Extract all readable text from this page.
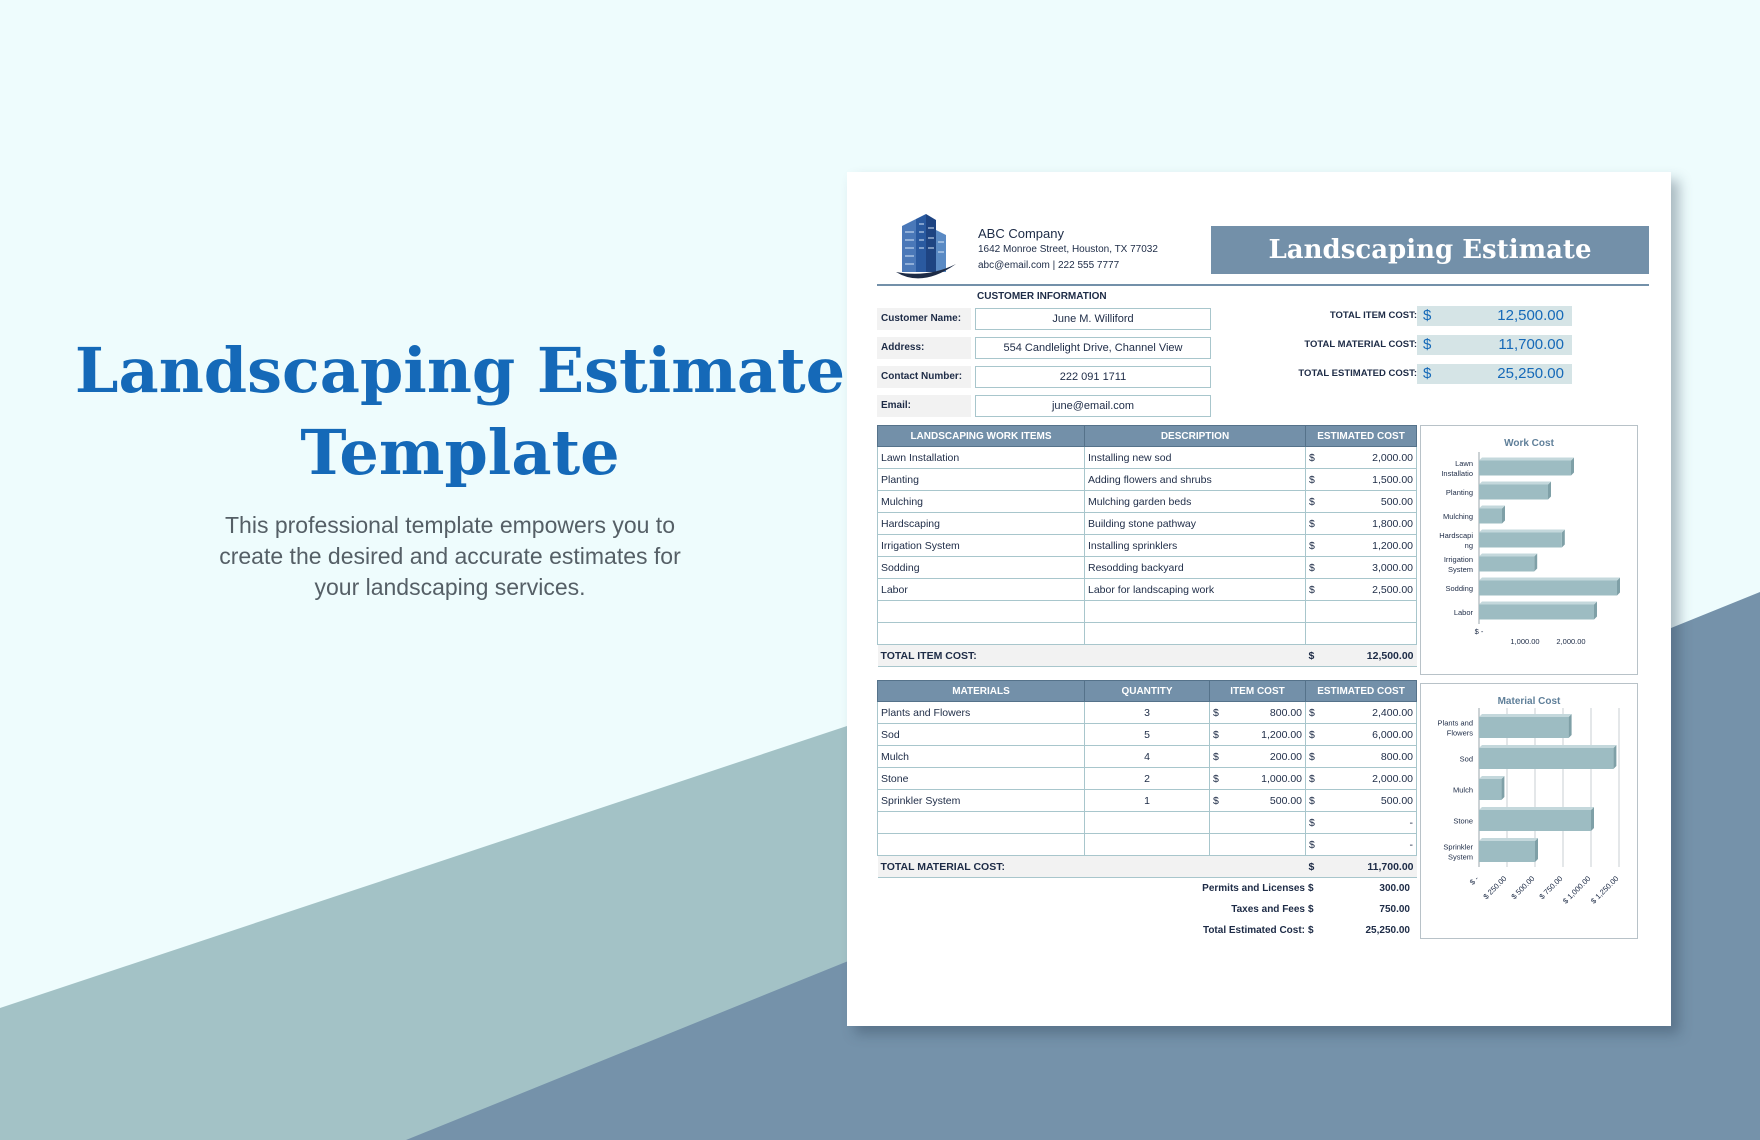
Landscaping Estimate
Template

This professional template empowers you to
create the desired and accurate estimates for
your landscaping services.

ABC Company
1642 Monroe Street, Houston, TX 77032
abc@email.com | 222 555 7777
Landscaping Estimate
CUSTOMER INFORMATION
Customer Name:	June M. Williford
Address:	554 Candlelight Drive, Channel View
Contact Number:	222 091 1711
Email:	june@email.com
TOTAL ITEM COST: $	12,500.00
TOTAL MATERIAL COST: $	11,700.00
TOTAL ESTIMATED COST: $	25,250.00
LANDSCAPING WORK ITEMS	DESCRIPTION	ESTIMATED COST	
Lawn Installation	Installing new sod	$	2,000.00
Planting	Adding flowers and shrubs	$	1,500.00
Mulching	Mulching garden beds	$	500.00
Hardscaping	Building stone pathway	$	1,800.00
Irrigation System	Installing sprinklers	$	1,200.00
Sodding	Resodding backyard	$	3,000.00
Labor	Labor for landscaping work	$	2,500.00

TOTAL ITEM COST:		$	12,500.00
MATERIALS	QUANTITY	ITEM COST		ESTIMATED COST	
Plants and Flowers	3	$	800.00	$	2,400.00
Sod	5	$	1,200.00	$	6,000.00
Mulch	4	$	200.00	$	800.00
Stone	2	$	1,000.00	$	2,000.00
Sprinkler System	1	$	500.00	$	500.00
				$	-
				$	-
TOTAL MATERIAL COST:				$	11,700.00
Permits and Licenses $	300.00
Taxes and Fees $	750.00
Total Estimated Cost: $	25,250.00
Work Cost
Lawn Installatio
Planting
Mulching
Hardscapi ng
Irrigation System
Sodding
Labor
$ -
1,000.00 2,000.00
Material Cost
Plants and Flowers
Sod
Mulch
Stone
Sprinkler System
$ - $ 250.00 $ 500.00 $ 750.00
$ 1,000.00
$ 1,250.00
